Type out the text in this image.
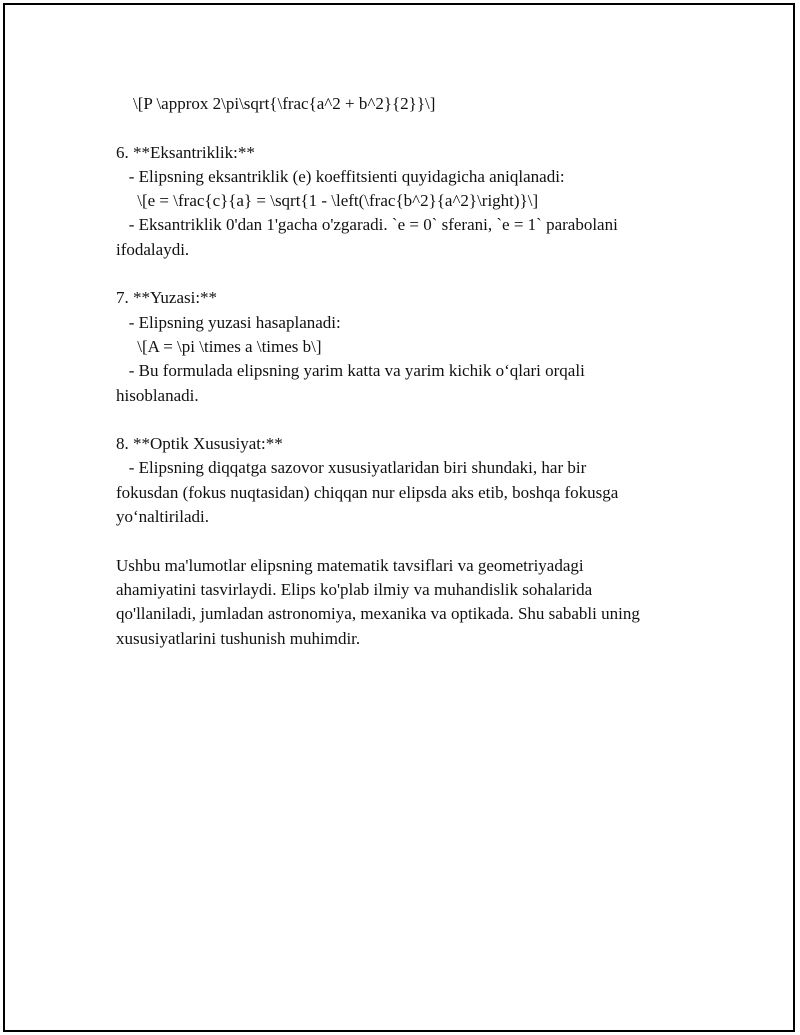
\[P \approx 2\pi\sqrt{\frac{a^2 + b^2}{2}}\]
6. **Eksantriklik:**
- Elipsning eksantriklik (e) koeffitsienti quyidagicha aniqlanadi:
\[e = \frac{c}{a} = \sqrt{1 - \left(\frac{b^2}{a^2}\right)}\]
- Eksantriklik 0'dan 1'gacha o'zgaradi. `e = 0` sferani, `e = 1` parabolani
ifodalaydi.
7. **Yuzasi:**
- Elipsning yuzasi hasaplanadi:
\[A = \pi \times a \times b\]
- Bu formulada elipsning yarim katta va yarim kichik o‘qlari orqali
hisoblanadi.
8. **Optik Xususiyat:**
- Elipsning diqqatga sazovor xususiyatlaridan biri shundaki, har bir
fokusdan (fokus nuqtasidan) chiqqan nur elipsda aks etib, boshqa fokusga
yo‘naltiriladi.
Ushbu ma'lumotlar elipsning matematik tavsiflari va geometriyadagi
ahamiyatini tasvirlaydi. Elips ko'plab ilmiy va muhandislik sohalarida
qo'llaniladi, jumladan astronomiya, mexanika va optikada. Shu sababli uning
xususiyatlarini tushunish muhimdir.
